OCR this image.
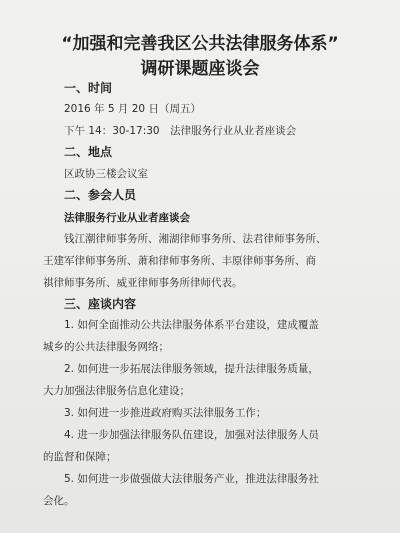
“加强和完善我区公共法律服务体系”
调研课题座谈会
一、时间
2016 年 5 月 20 日（周五）
下午 14：30-17:30　法律服务行业从业者座谈会
二、地点
区政协三楼会议室
二、参会人员
法律服务行业从业者座谈会
钱江潮律师事务所、湘湖律师事务所、法君律师事务所、
王建军律师事务所、萧和律师事务所、丰原律师事务所、商
祺律师事务所、威亚律师事务所律师代表。
三、座谈内容
1. 如何全面推动公共法律服务体系平台建设，建成覆盖
城乡的公共法律服务网络；
2. 如何进一步拓展法律服务领域，提升法律服务质量，
大力加强法律服务信息化建设；
3. 如何进一步推进政府购买法律服务工作；
4. 进一步加强法律服务队伍建设，加强对法律服务人员
的监督和保障；
5. 如何进一步做强做大法律服务产业，推进法律服务社
会化。
